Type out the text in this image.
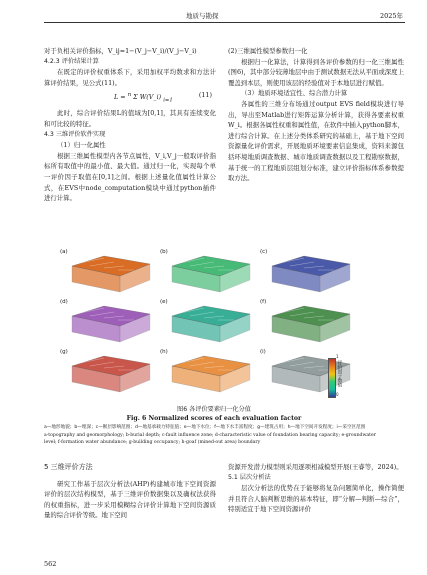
地质与勘探	2025年

对于负相关评价指标，V_ij=1−(V_j−V_i)/(V_j−V_i)

4.2.3 评价结果计算

在既定的评价权重体系下，采用加权平均数求和方法计算评价结果，见公式(11)。

L = $^n$ Σ W(V_i) $_{i=1}$
(11)

此时，综合评价结果L的值域为[0,1]，其具有连续变化和可比较的特征。

4.3 三维评价软件实现

（1）归一化属性

根据三维属性模型内各节点属性，V_i,V_j一般取评价指标所有取值中的最小值、最大值。通过归一化，实现每个单一评价因子取值在[0,1]之间。根据上述量化值属性计算公式，在EVS中node_computation模块中通过python插件进行计算。

(2)三维属性模型参数归一化

根据归一化算法，计算得到各评价参数的归一化三维属性(图6)，其中部分较薄地层中由于测试数据无法从平面或深度上覆盖到本层，则使用该层的经验值对于本地层进行赋值。

（3）地质环境适宜性、综合潜力计算

各属性的三维分布场通过output EVS field模块进行导出，导出至Matlab进行矩阵运算分析计算，获得各要素权重W_i。根据各属性权重和属性值，在软件中插入python脚本，进行综合计算。在上述分类体系研究的基础上，基于地下空间资源量化评价需求，开展地质环境要素信息集成，资料来源包括环境地质调查数据、城市地质调查数据以及工程勘察数据，基于统一的工程地质层组划分标准，建立评价指标体系参数提取方法。

(a)	(b)	(c)
(d)	(e)	(f)
(g)	(h)	(i)
评价因子数值
1
0
图6 各评价要素归一化分值
Fig. 6 Normalized scores of each evaluation factor
a—地形地貌；b—埋深；c—断层影响范围；d—地基承载力特征值；e—地下水位；f—地下水丰富程度；g—建筑占用；h—地下空间开发程度；i—采空区范围
a-topography and geomorphology; b-burial depth; c-fault influence zone; d-characteristic value of foundation bearing capacity; e-groundwater level; f-formation water abundance; g-building occupancy; h-goaf (mined-out area) boundary

5 三维评价方法

研究工作基于层次分析法(AHP)构建城市地下空间资源评价的层次结构模型，基于三维评价数据集以及确权法获得的权重指标，进一步采用模糊综合评价计算地下空间资源质量的综合评价等级。地下空间

资源开发潜力模型则采用逐项相减模型开展(王睿等，2024)。

5.1 层次分析法

层次分析法的优势在于能够将复杂问题简单化，操作简便并且符合人脑判断思维的基本特征，即“分解—判断—综合”，特别适宜于地下空间资源评价

562
